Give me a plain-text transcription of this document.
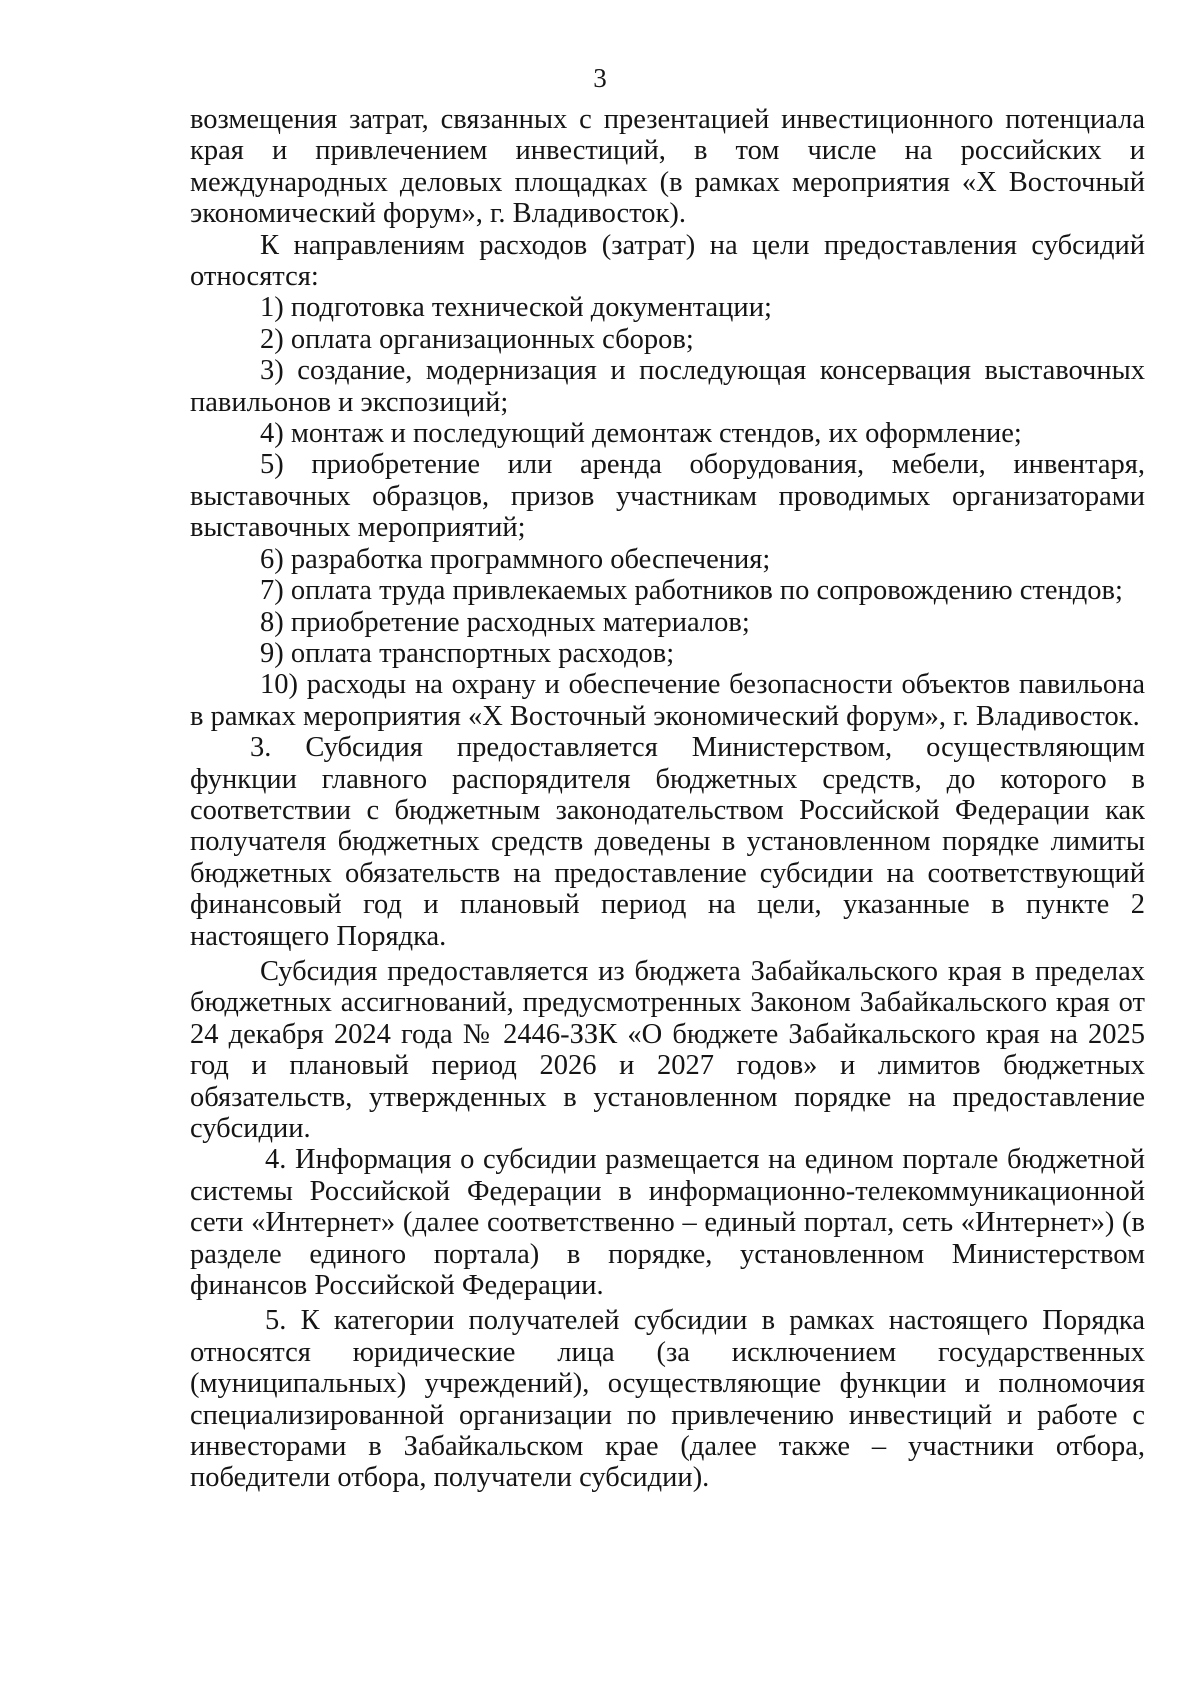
3

возмещения затрат, связанных с презентацией инвестиционного потенциала края и привлечением инвестиций, в том числе на российских и международных деловых площадках (в рамках мероприятия «Х Восточный экономический форум», г. Владивосток).

К направлениям расходов (затрат) на цели предоставления субсидий относятся:

1) подготовка технической документации;

2) оплата организационных сборов;

3) создание, модернизация и последующая консервация выставочных павильонов и экспозиций;

4) монтаж и последующий демонтаж стендов, их оформление;

5) приобретение или аренда оборудования, мебели, инвентаря, выставочных образцов, призов участникам проводимых организаторами выставочных мероприятий;

6) разработка программного обеспечения;

7) оплата труда привлекаемых работников по сопровождению стендов;

8) приобретение расходных материалов;

9) оплата транспортных расходов;

10) расходы на охрану и обеспечение безопасности объектов павильона в рамках мероприятия «Х Восточный экономический форум», г. Владивосток.

3. Субсидия предоставляется Министерством, осуществляющим функции главного распорядителя бюджетных средств, до которого в соответствии с бюджетным законодательством Российской Федерации как получателя бюджетных средств доведены в установленном порядке лимиты бюджетных обязательств на предоставление субсидии на соответствующий финансовый год и плановый период на цели, указанные в пункте 2 настоящего Порядка.

Субсидия предоставляется из бюджета Забайкальского края в пределах бюджетных ассигнований, предусмотренных Законом Забайкальского края от 24 декабря 2024 года № 2446-ЗЗК «О бюджете Забайкальского края на 2025 год и плановый период 2026 и 2027 годов» и лимитов бюджетных обязательств, утвержденных в установленном порядке на предоставление субсидии.

4. Информация о субсидии размещается на едином портале бюджетной системы Российской Федерации в информационно-телекоммуникационной сети «Интернет» (далее соответственно – единый портал, сеть «Интернет») (в разделе единого портала) в порядке, установленном Министерством финансов Российской Федерации.

5. К категории получателей субсидии в рамках настоящего Порядка относятся юридические лица (за исключением государственных (муниципальных) учреждений), осуществляющие функции и полномочия специализированной организации по привлечению инвестиций и работе с инвесторами в Забайкальском крае (далее также – участники отбора, победители отбора, получатели субсидии).
